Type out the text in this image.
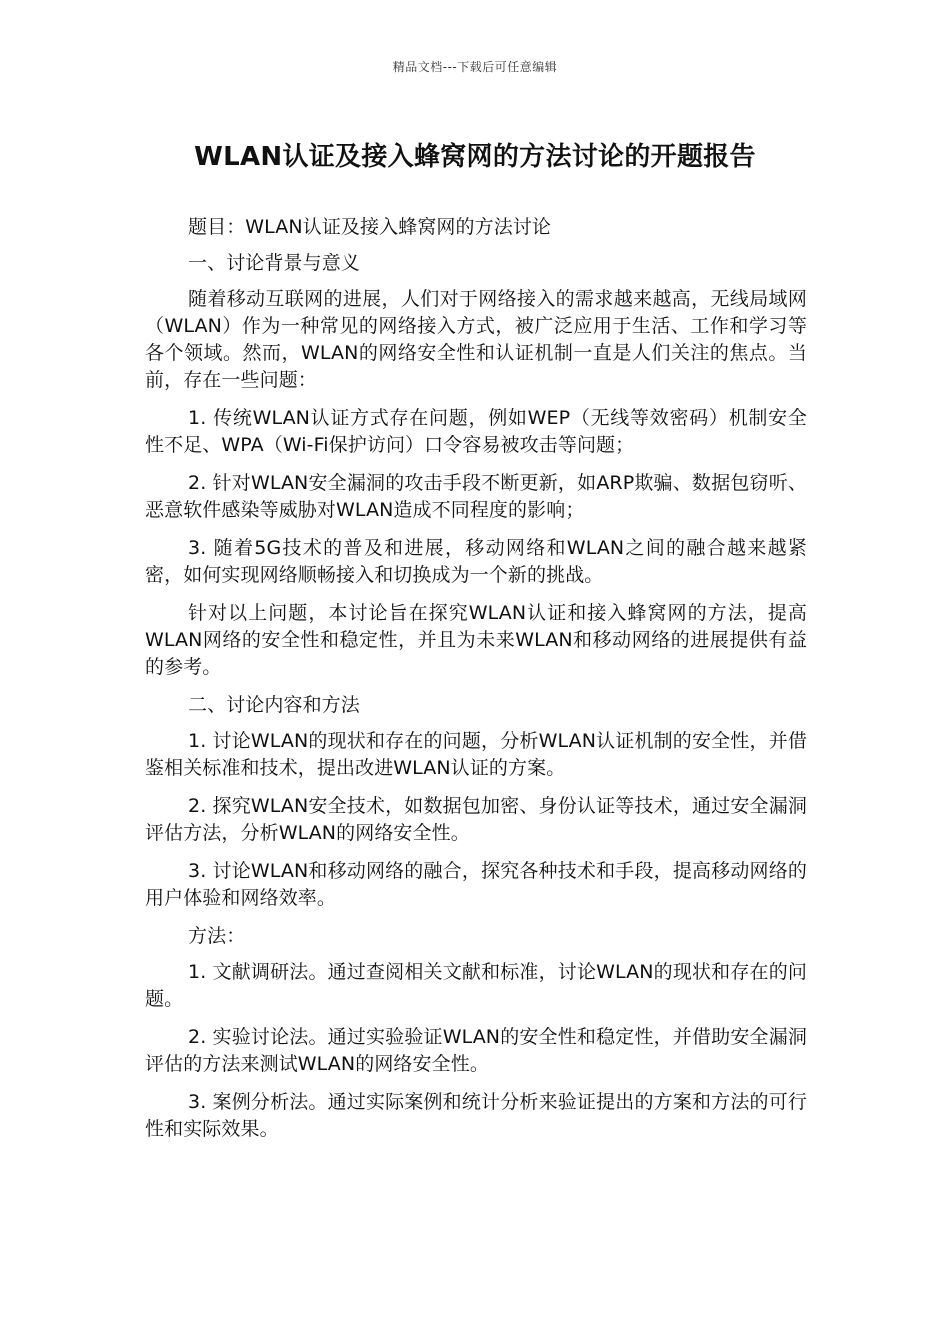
精品文档---下载后可任意编辑
WLAN认证及接入蜂窝网的方法讨论的开题报告

题目：WLAN认证及接入蜂窝网的方法讨论

一、讨论背景与意义

随着移动互联网的进展，人们对于网络接入的需求越来越高，无线局域网（WLAN）作为一种常见的网络接入方式，被广泛应用于生活、工作和学习等各个领域。然而，WLAN的网络安全性和认证机制一直是人们关注的焦点。当前，存在一些问题：

1. 传统WLAN认证方式存在问题，例如WEP（无线等效密码）机制安全性不足、WPA（Wi-Fi保护访问）口令容易被攻击等问题；

2. 针对WLAN安全漏洞的攻击手段不断更新，如ARP欺骗、数据包窃听、恶意软件感染等威胁对WLAN造成不同程度的影响；

3. 随着5G技术的普及和进展，移动网络和WLAN之间的融合越来越紧密，如何实现网络顺畅接入和切换成为一个新的挑战。

针对以上问题，本讨论旨在探究WLAN认证和接入蜂窝网的方法，提高WLAN网络的安全性和稳定性，并且为未来WLAN和移动网络的进展提供有益的参考。

二、讨论内容和方法

1. 讨论WLAN的现状和存在的问题，分析WLAN认证机制的安全性，并借鉴相关标准和技术，提出改进WLAN认证的方案。

2. 探究WLAN安全技术，如数据包加密、身份认证等技术，通过安全漏洞评估方法，分析WLAN的网络安全性。

3. 讨论WLAN和移动网络的融合，探究各种技术和手段，提高移动网络的用户体验和网络效率。

方法：

1. 文献调研法。通过查阅相关文献和标准，讨论WLAN的现状和存在的问题。

2. 实验讨论法。通过实验验证WLAN的安全性和稳定性，并借助安全漏洞评估的方法来测试WLAN的网络安全性。

3. 案例分析法。通过实际案例和统计分析来验证提出的方案和方法的可行性和实际效果。
